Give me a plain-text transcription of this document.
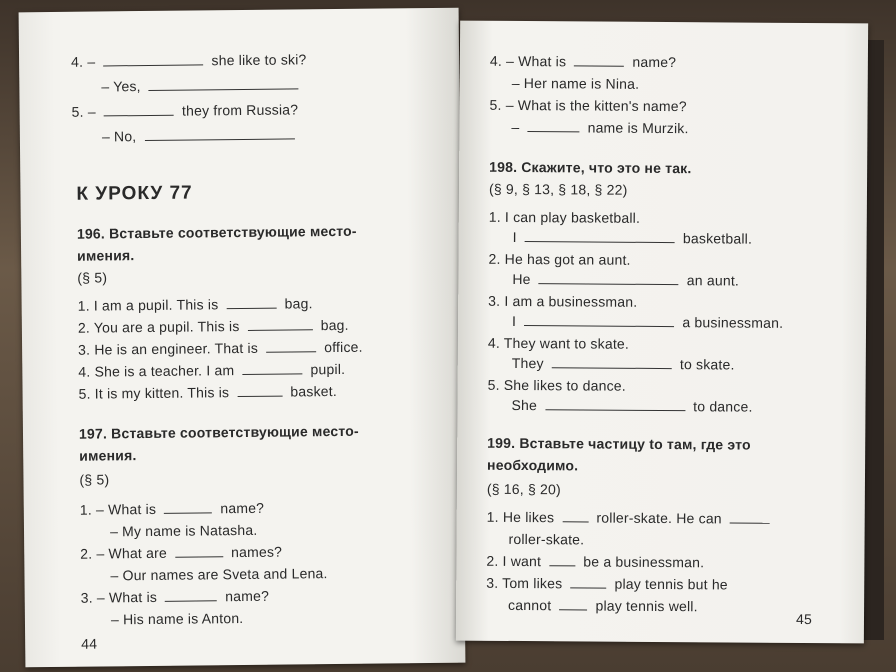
4. –	she like to ski?
– Yes,
5. –	they from Russia?
– No,
К УРОКУ 77
196. Вставьте соответствующие место-
имения.
(§ 5)
1. I am a pupil. This is	bag.
2. You are a pupil. This is	bag.
3. He is an engineer. That is	office.
4. She is a teacher. I am	pupil.
5. It is my kitten. This is	basket.
197. Вставьте соответствующие место-
имения.
(§ 5)
1. – What is	name?
– My name is Natasha.
2. – What are	names?
– Our names are Sveta and Lena.
3. – What is	name?
– His name is Anton.
44
4. – What is	name?
– Her name is Nina.
5. – What is the kitten's name?
–	name is Murzik.
198. Скажите, что это не так.
(§ 9, § 13, § 18, § 22)
1. I can play basketball.
I	basketball.
2. He has got an aunt.
He	an aunt.
3. I am a businessman.
I	a businessman.
4. They want to skate.
They	to skate.
5. She likes to dance.
She	to dance.
199. Вставьте частицу to там, где это
необходимо.
(§ 16, § 20)
1. He likes	roller-skate. He can
roller-skate.
2. I want	be a businessman.
3. Tom likes	play tennis but he
cannot	play tennis well.
45
